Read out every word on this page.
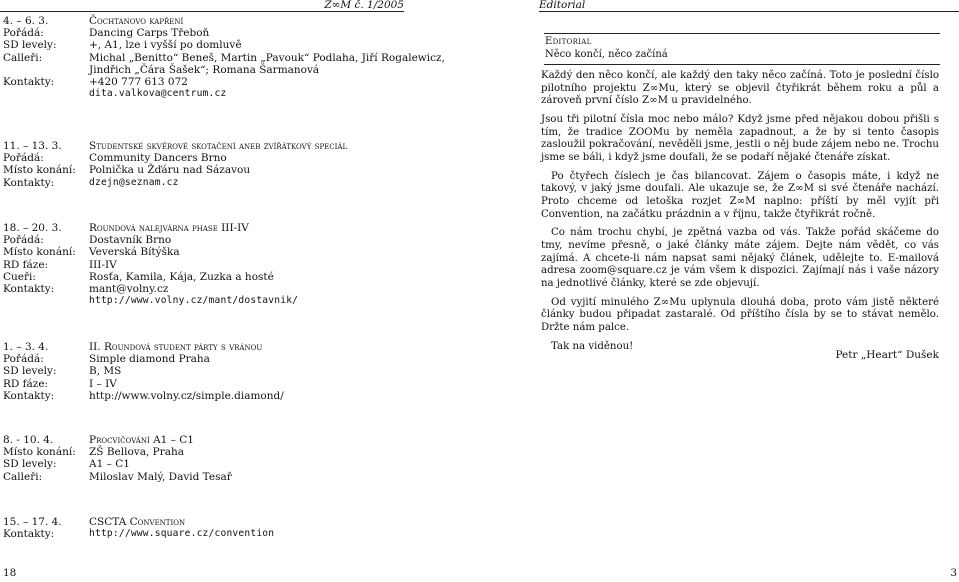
Z∞M č. 1/2005
4. – 6. 3.	Čochtanovo kapření
Pořádá:	Dancing Carps Třeboň
SD levely:	+, A1, lze i vyšší po domluvě
Calleři:	Michal „Benitto“ Beneš, Martin „Pavouk“ Podlaha, Jiří Rogalewicz,
Jindřich „Čára Šašek“; Romana Šarmanová
Kontakty:	+420 777 613 072
dita.valkova@centrum.cz
11. – 13. 3.	Studentské skvěrové skotačení aneb zvířátkový speciál
Pořádá:	Community Dancers Brno
Místo konání:	Polnička u Žďáru nad Sázavou
Kontakty:	dzejn@seznam.cz
18. – 20. 3.	Roundová nalejvárna phase III-IV
Pořádá:	Dostavník Brno
Místo konání:	Veverská Bítýška
RD fáze:	III-IV
Cueři:	Rosťa, Kamila, Kája, Zuzka a hosté
Kontakty:	mant@volny.cz
http://www.volny.cz/mant/dostavnik/
1. – 3. 4.	II. Roundová student párty s vránou
Pořádá:	Simple diamond Praha
SD levely:	B, MS
RD fáze:	I – IV
Kontakty:	http://www.volny.cz/simple.diamond/
8. - 10. 4.	Procvičování A1 – C1
Místo konání:	ZŠ Bellova, Praha
SD levely:	A1 – C1
Calleři:	Miloslav Malý, David Tesař
15. – 17. 4.	CSCTA Convention
Kontakty:	http://www.square.cz/convention
18
Editorial
Editorial
Něco končí, něco začíná

Každý den něco končí, ale každý den taky něco začíná. Toto je poslední číslo pilotního projektu Z∞Mu, který se objevil čtyřikrát během roku a půl a zároveň první číslo Z∞M u pravidelného.

Jsou tři pilotní čísla moc nebo málo? Když jsme před nějakou dobou přišli s tím, že tradice ZOOMu by neměla zapadnout, a že by si tento časopis zasloužil pokračování, nevěděli jsme, jestli o něj bude zájem nebo ne. Trochu jsme se báli, i když jsme doufali, že se podaří nějaké čtenáře získat.

Po čtyřech číslech je čas bilancovat. Zájem o časopis máte, i když ne takový, v jaký jsme doufali. Ale ukazuje se, že Z∞M si své čtenáře nachází. Proto chceme od letoška rozjet Z∞M naplno: příští by měl vyjít při Convention, na začátku prázdnin a v říjnu, takže čtyřikrát ročně.

Co nám trochu chybí, je zpětná vazba od vás. Takže pořád skáčeme do tmy, nevíme přesně, o jaké články máte zájem. Dejte nám vědět, co vás zajímá. A chcete-li nám napsat sami nějaký článek, udělejte to. E-mailová adresa zoom@square.cz je vám všem k dispozici. Zajímají nás i vaše názory na jednotlivé články, které se zde objevují.

Od vyjití minulého Z∞Mu uplynula dlouhá doba, proto vám jistě některé články budou připadat zastaralé. Od příštího čísla by se to stávat nemělo. Držte nám palce.

Tak na viděnou!

Petr „Heart“ Dušek
3
